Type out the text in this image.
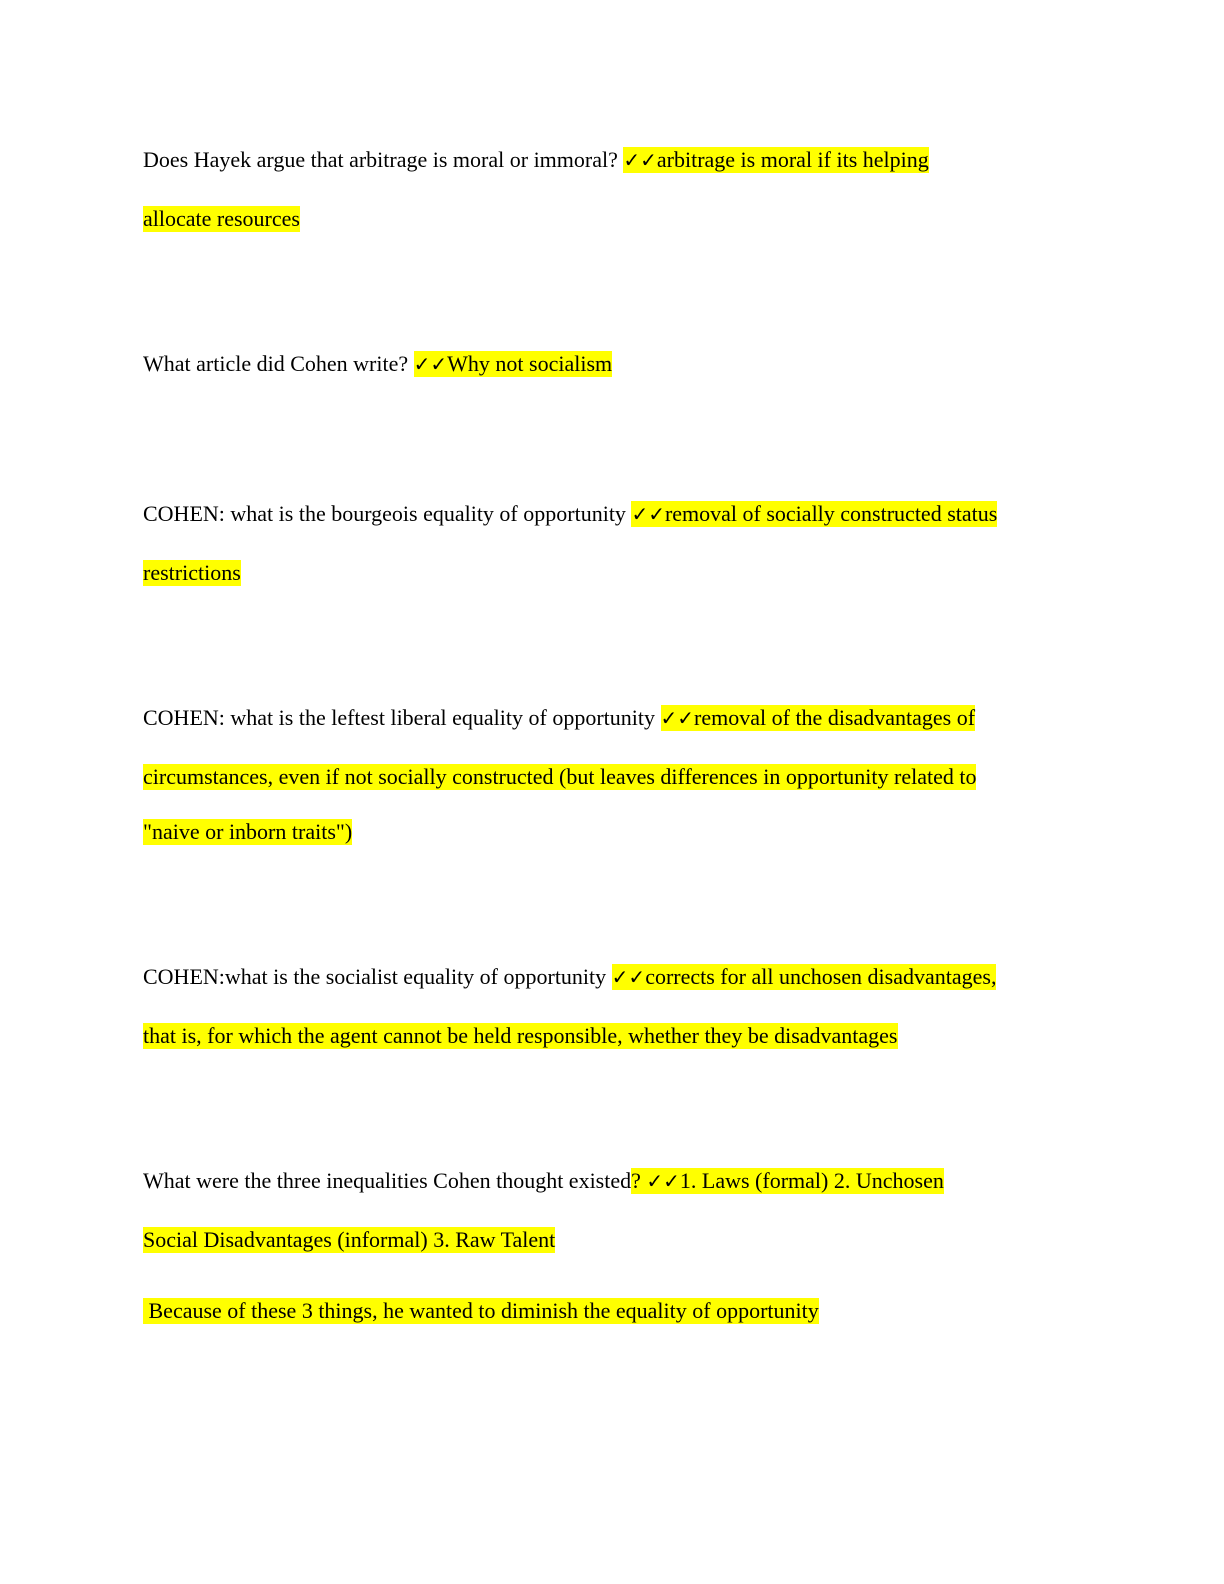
Does Hayek argue that arbitrage is moral or immoral? ✓✓arbitrage is moral if its helping
allocate resources
What article did Cohen write? ✓✓Why not socialism
COHEN: what is the bourgeois equality of opportunity ✓✓removal of socially constructed status
restrictions
COHEN: what is the leftest liberal equality of opportunity ✓✓removal of the disadvantages of
circumstances, even if not socially constructed (but leaves differences in opportunity related to
"naive or inborn traits")
COHEN:what is the socialist equality of opportunity ✓✓corrects for all unchosen disadvantages,
that is, for which the agent cannot be held responsible, whether they be disadvantages
What were the three inequalities Cohen thought existed? ✓✓1. Laws (formal) 2. Unchosen
Social Disadvantages (informal) 3. Raw Talent
Because of these 3 things, he wanted to diminish the equality of opportunity
